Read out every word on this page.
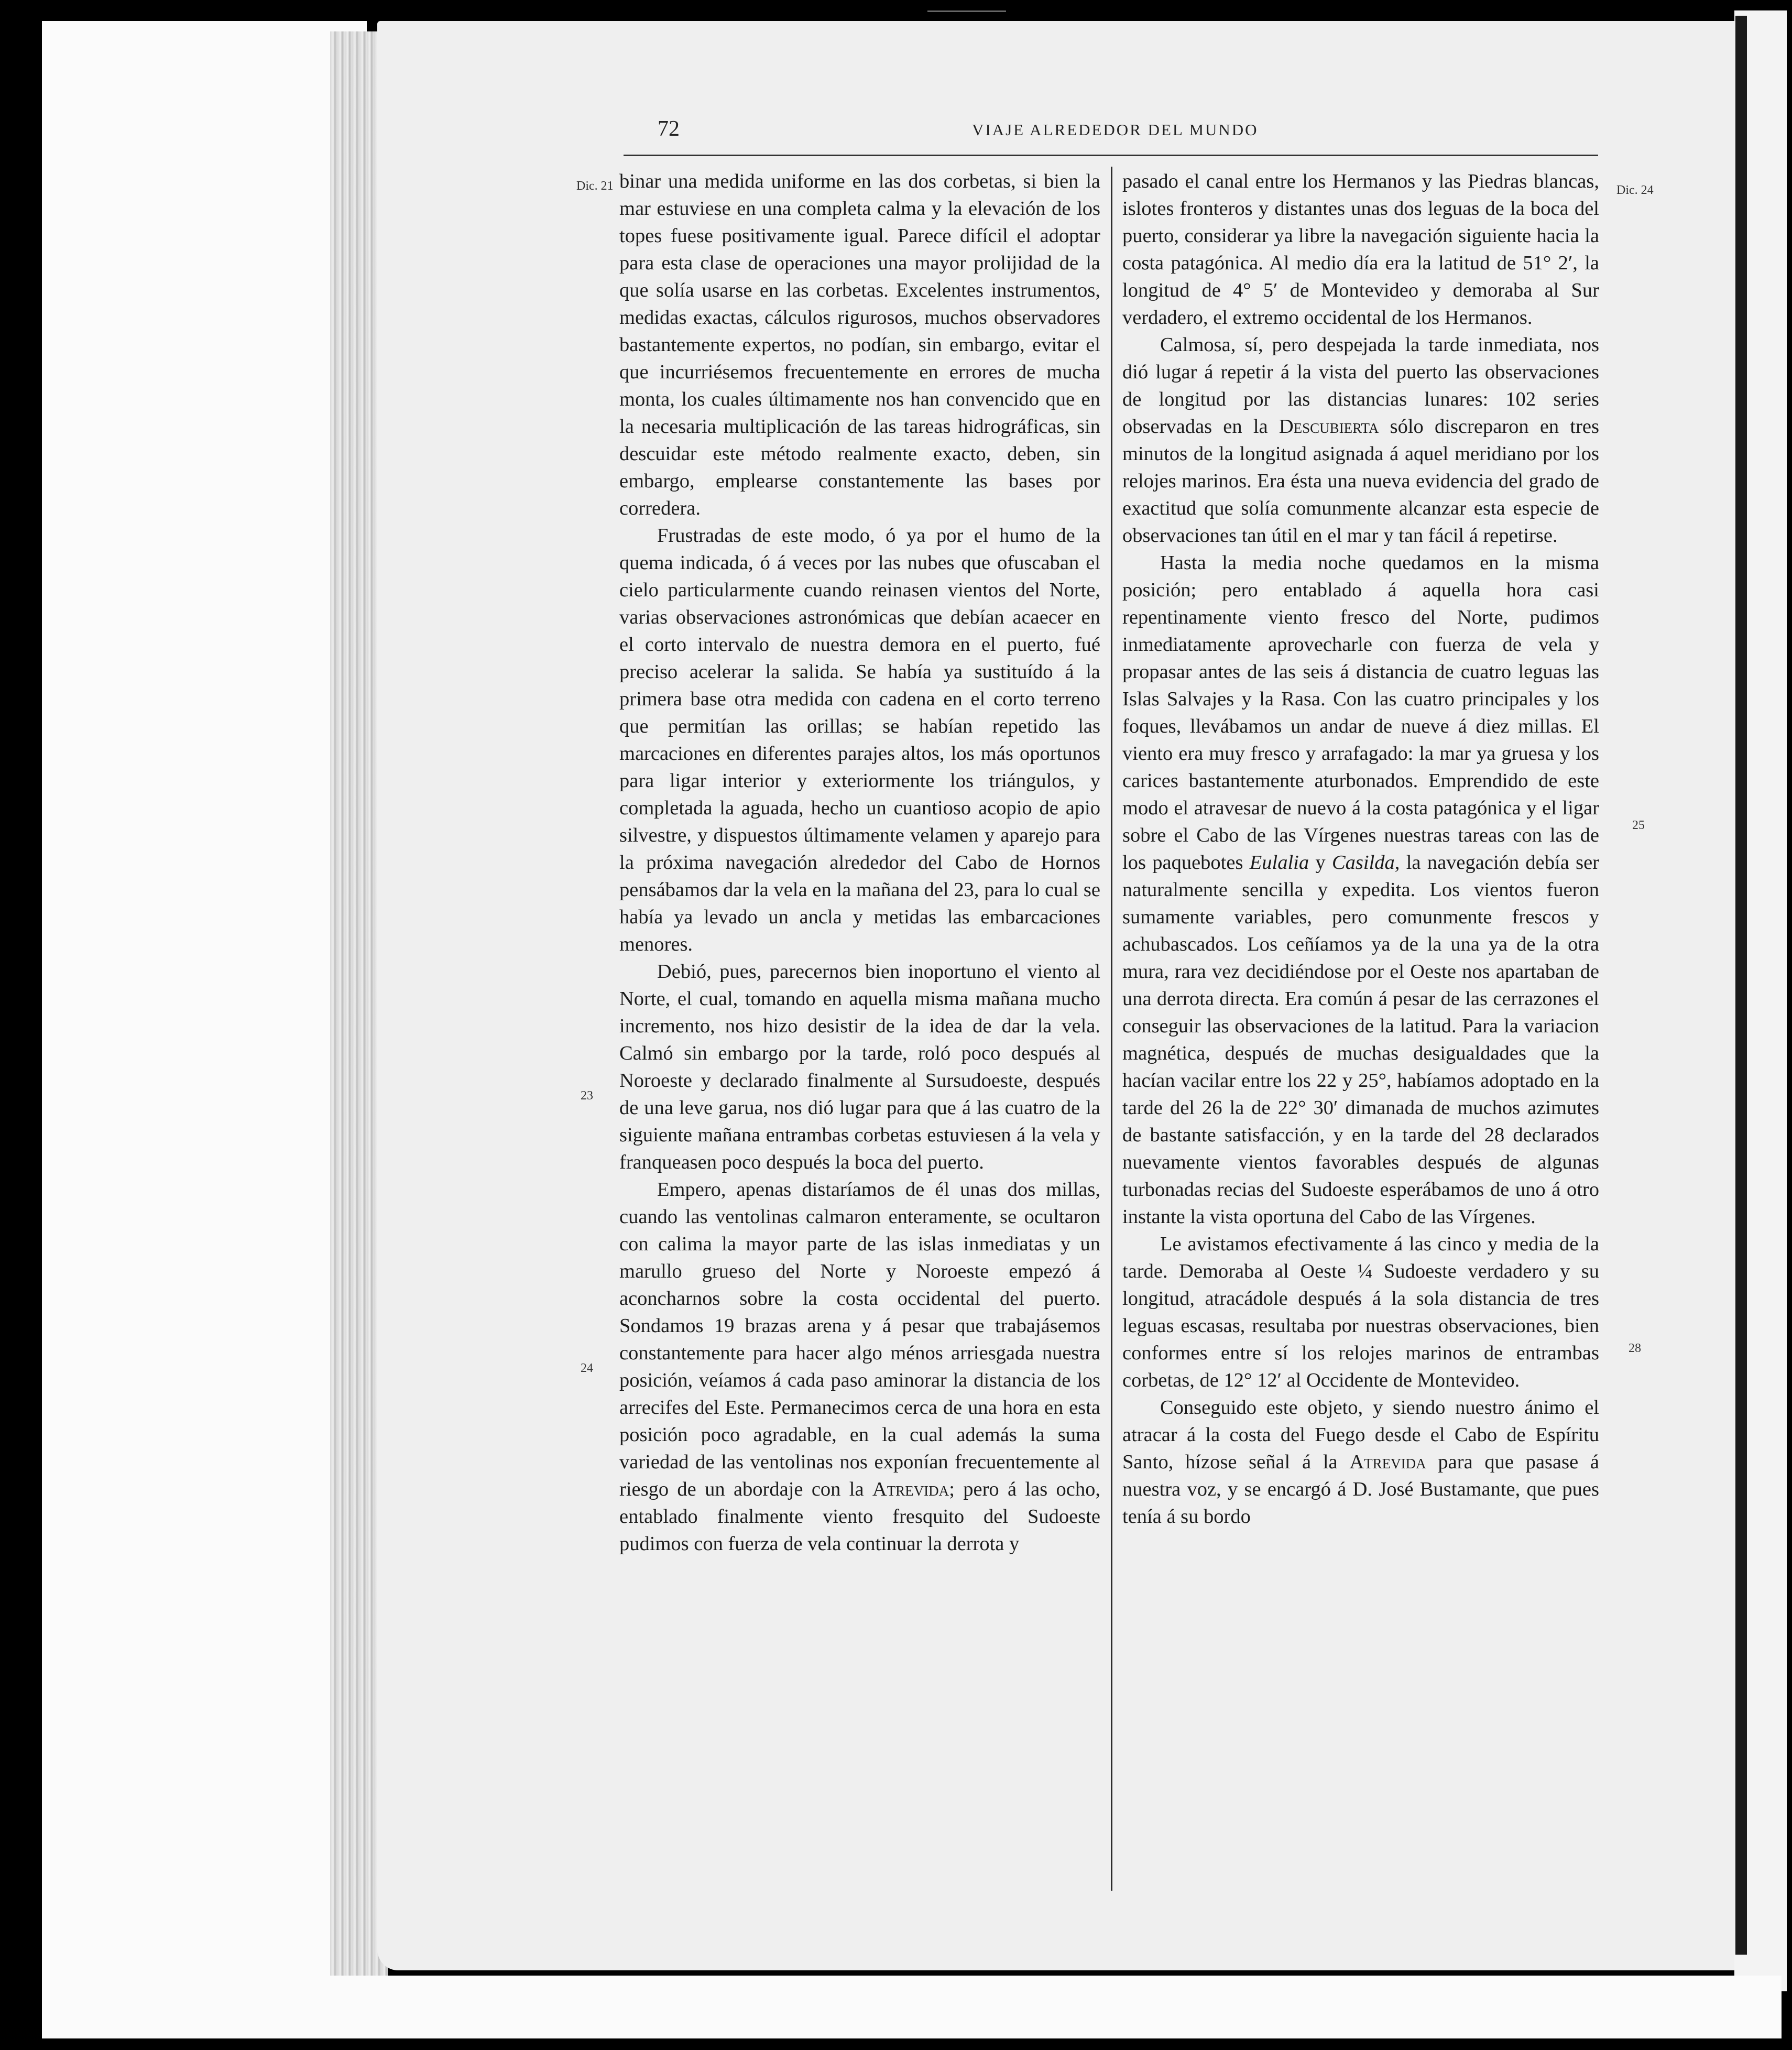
72	VIAJE ALREDEDOR DEL MUNDO
Dic. 21
23
24
Dic. 24
25
28

binar una medida uniforme en las dos corbetas, si bien la mar estuviese en una completa calma y la elevación de los topes fuese positivamente igual. Parece difícil el adoptar para esta clase de operaciones una mayor prolijidad de la que solía usarse en las corbetas. Excelentes instrumentos, medidas exactas, cálculos rigurosos, muchos observadores bastantemente expertos, no podían, sin embargo, evitar el que incurriésemos frecuentemente en errores de mucha monta, los cuales últimamente nos han convencido que en la necesaria multiplicación de las tareas hidrográficas, sin descuidar este método realmente exacto, deben, sin embargo, emplearse constantemente las bases por corredera.

Frustradas de este modo, ó ya por el humo de la quema indicada, ó á veces por las nubes que ofuscaban el cielo particularmente cuando reinasen vientos del Norte, varias observaciones astronómicas que debían acaecer en el corto intervalo de nuestra demora en el puerto, fué preciso acelerar la salida. Se había ya sustituído á la primera base otra medida con cadena en el corto terreno que permitían las orillas; se habían repetido las marcaciones en diferentes parajes altos, los más oportunos para ligar interior y exteriormente los triángulos, y completada la aguada, hecho un cuantioso acopio de apio silvestre, y dispuestos últimamente velamen y aparejo para la próxima navegación alrededor del Cabo de Hornos pensábamos dar la vela en la mañana del 23, para lo cual se había ya levado un ancla y metidas las embarcaciones menores.

Debió, pues, parecernos bien inoportuno el viento al Norte, el cual, tomando en aquella misma mañana mucho incremento, nos hizo desistir de la idea de dar la vela. Calmó sin embargo por la tarde, roló poco después al Noroeste y declarado finalmente al Sursudoeste, después de una leve garua, nos dió lugar para que á las cuatro de la siguiente mañana entrambas corbetas estuviesen á la vela y franqueasen poco después la boca del puerto.

Empero, apenas distaríamos de él unas dos millas, cuando las ventolinas calmaron enteramente, se ocultaron con calima la mayor parte de las islas inmediatas y un marullo grueso del Norte y Noroeste empezó á aconcharnos sobre la costa occidental del puerto. Sondamos 19 brazas arena y á pesar que trabajásemos constantemente para hacer algo ménos arriesgada nuestra posición, veíamos á cada paso aminorar la distancia de los arrecifes del Este. Permanecimos cerca de una hora en esta posición poco agradable, en la cual además la suma variedad de las ventolinas nos exponían frecuentemente al riesgo de un abordaje con la Atrevida; pero á las ocho, entablado finalmente viento fresquito del Sudoeste pudimos con fuerza de vela continuar la derrota y

pasado el canal entre los Hermanos y las Piedras blancas, islotes fronteros y distantes unas dos leguas de la boca del puerto, considerar ya libre la navegación siguiente hacia la costa patagónica. Al medio día era la latitud de 51° 2′, la longitud de 4° 5′ de Montevideo y demoraba al Sur verdadero, el extremo occidental de los Hermanos.

Calmosa, sí, pero despejada la tarde inmediata, nos dió lugar á repetir á la vista del puerto las observaciones de longitud por las distancias lunares: 102 series observadas en la Descubierta sólo discreparon en tres minutos de la longitud asignada á aquel meridiano por los relojes marinos. Era ésta una nueva evidencia del grado de exactitud que solía comunmente alcanzar esta especie de observaciones tan útil en el mar y tan fácil á repetirse.

Hasta la media noche quedamos en la misma posición; pero entablado á aquella hora casi repentinamente viento fresco del Norte, pudimos inmediatamente aprovecharle con fuerza de vela y propasar antes de las seis á distancia de cuatro leguas las Islas Salvajes y la Rasa. Con las cuatro principales y los foques, llevábamos un andar de nueve á diez millas. El viento era muy fresco y arrafagado: la mar ya gruesa y los carices bastantemente aturbonados. Emprendido de este modo el atravesar de nuevo á la costa patagónica y el ligar sobre el Cabo de las Vírgenes nuestras tareas con las de los paquebotes Eulalia y Casilda, la navegación debía ser naturalmente sencilla y expedita. Los vientos fueron sumamente variables, pero comunmente frescos y achubascados. Los ceñíamos ya de la una ya de la otra mura, rara vez decidiéndose por el Oeste nos apartaban de una derrota directa. Era común á pesar de las cerrazones el conseguir las observaciones de la latitud. Para la variacion magnética, después de muchas desigualdades que la hacían vacilar entre los 22 y 25°, habíamos adoptado en la tarde del 26 la de 22° 30′ dimanada de muchos azimutes de bastante satisfacción, y en la tarde del 28 declarados nuevamente vientos favorables después de algunas turbonadas recias del Sudoeste esperábamos de uno á otro instante la vista oportuna del Cabo de las Vírgenes.

Le avistamos efectivamente á las cinco y media de la tarde. Demoraba al Oeste ¼ Sudoeste verdadero y su longitud, atracádole después á la sola distancia de tres leguas escasas, resultaba por nuestras observaciones, bien conformes entre sí los relojes marinos de entrambas corbetas, de 12° 12′ al Occidente de Montevideo.

Conseguido este objeto, y siendo nuestro ánimo el atracar á la costa del Fuego desde el Cabo de Espíritu Santo, hízose señal á la Atrevida para que pasase á nuestra voz, y se encargó á D. José Bustamante, que pues tenía á su bordo
